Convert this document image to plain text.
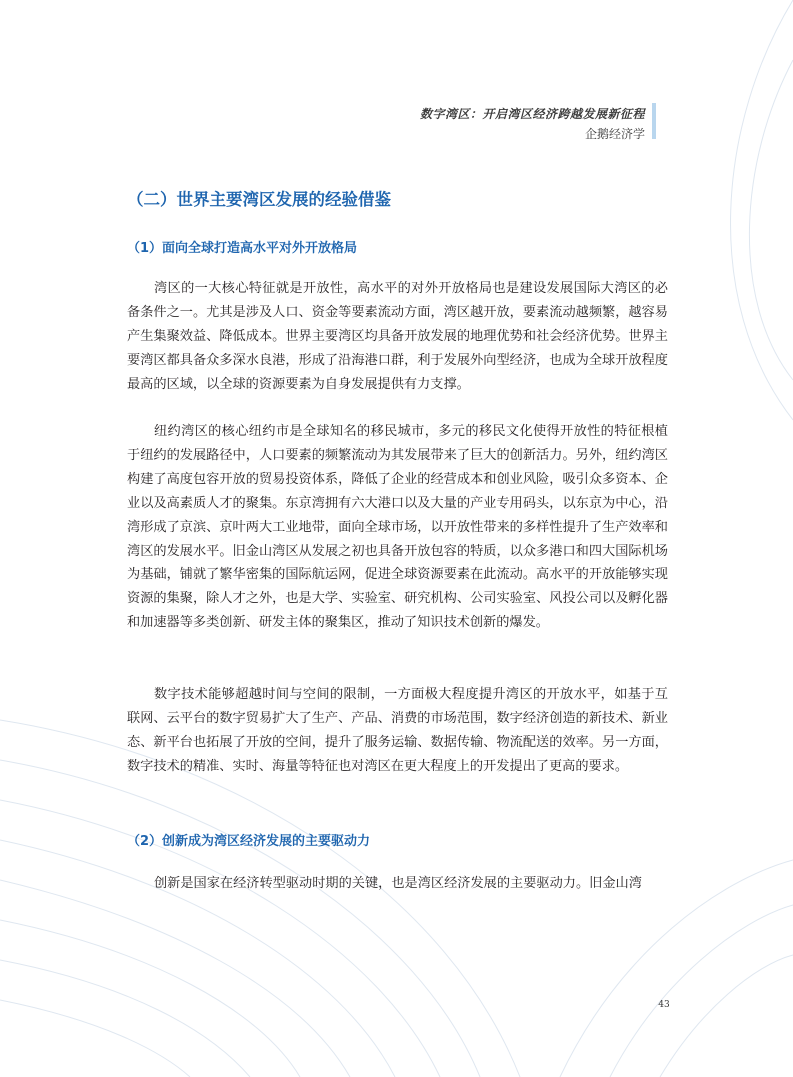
数字湾区：开启湾区经济跨越发展新征程
企鹅经济学
（二）世界主要湾区发展的经验借鉴
（1）面向全球打造高水平对外开放格局

湾区的一大核心特征就是开放性，高水平的对外开放格局也是建设发展国际大湾区的必备条件之一。尤其是涉及人口、资金等要素流动方面，湾区越开放，要素流动越频繁，越容易产生集聚效益、降低成本。世界主要湾区均具备开放发展的地理优势和社会经济优势。世界主要湾区都具备众多深水良港，形成了沿海港口群，利于发展外向型经济，也成为全球开放程度最高的区域，以全球的资源要素为自身发展提供有力支撑。

纽约湾区的核心纽约市是全球知名的移民城市，多元的移民文化使得开放性的特征根植于纽约的发展路径中，人口要素的频繁流动为其发展带来了巨大的创新活力。另外，纽约湾区构建了高度包容开放的贸易投资体系，降低了企业的经营成本和创业风险，吸引众多资本、企业以及高素质人才的聚集。东京湾拥有六大港口以及大量的产业专用码头，以东京为中心，沿湾形成了京滨、京叶两大工业地带，面向全球市场，以开放性带来的多样性提升了生产效率和湾区的发展水平。旧金山湾区从发展之初也具备开放包容的特质，以众多港口和四大国际机场为基础，铺就了繁华密集的国际航运网，促进全球资源要素在此流动。高水平的开放能够实现资源的集聚，除人才之外，也是大学、实验室、研究机构、公司实验室、风投公司以及孵化器和加速器等多类创新、研发主体的聚集区，推动了知识技术创新的爆发。

数字技术能够超越时间与空间的限制，一方面极大程度提升湾区的开放水平，如基于互联网、云平台的数字贸易扩大了生产、产品、消费的市场范围，数字经济创造的新技术、新业态、新平台也拓展了开放的空间，提升了服务运输、数据传输、物流配送的效率。另一方面，数字技术的精准、实时、海量等特征也对湾区在更大程度上的开发提出了更高的要求。

（2）创新成为湾区经济发展的主要驱动力

创新是国家在经济转型驱动时期的关键，也是湾区经济发展的主要驱动力。旧金山湾

43
